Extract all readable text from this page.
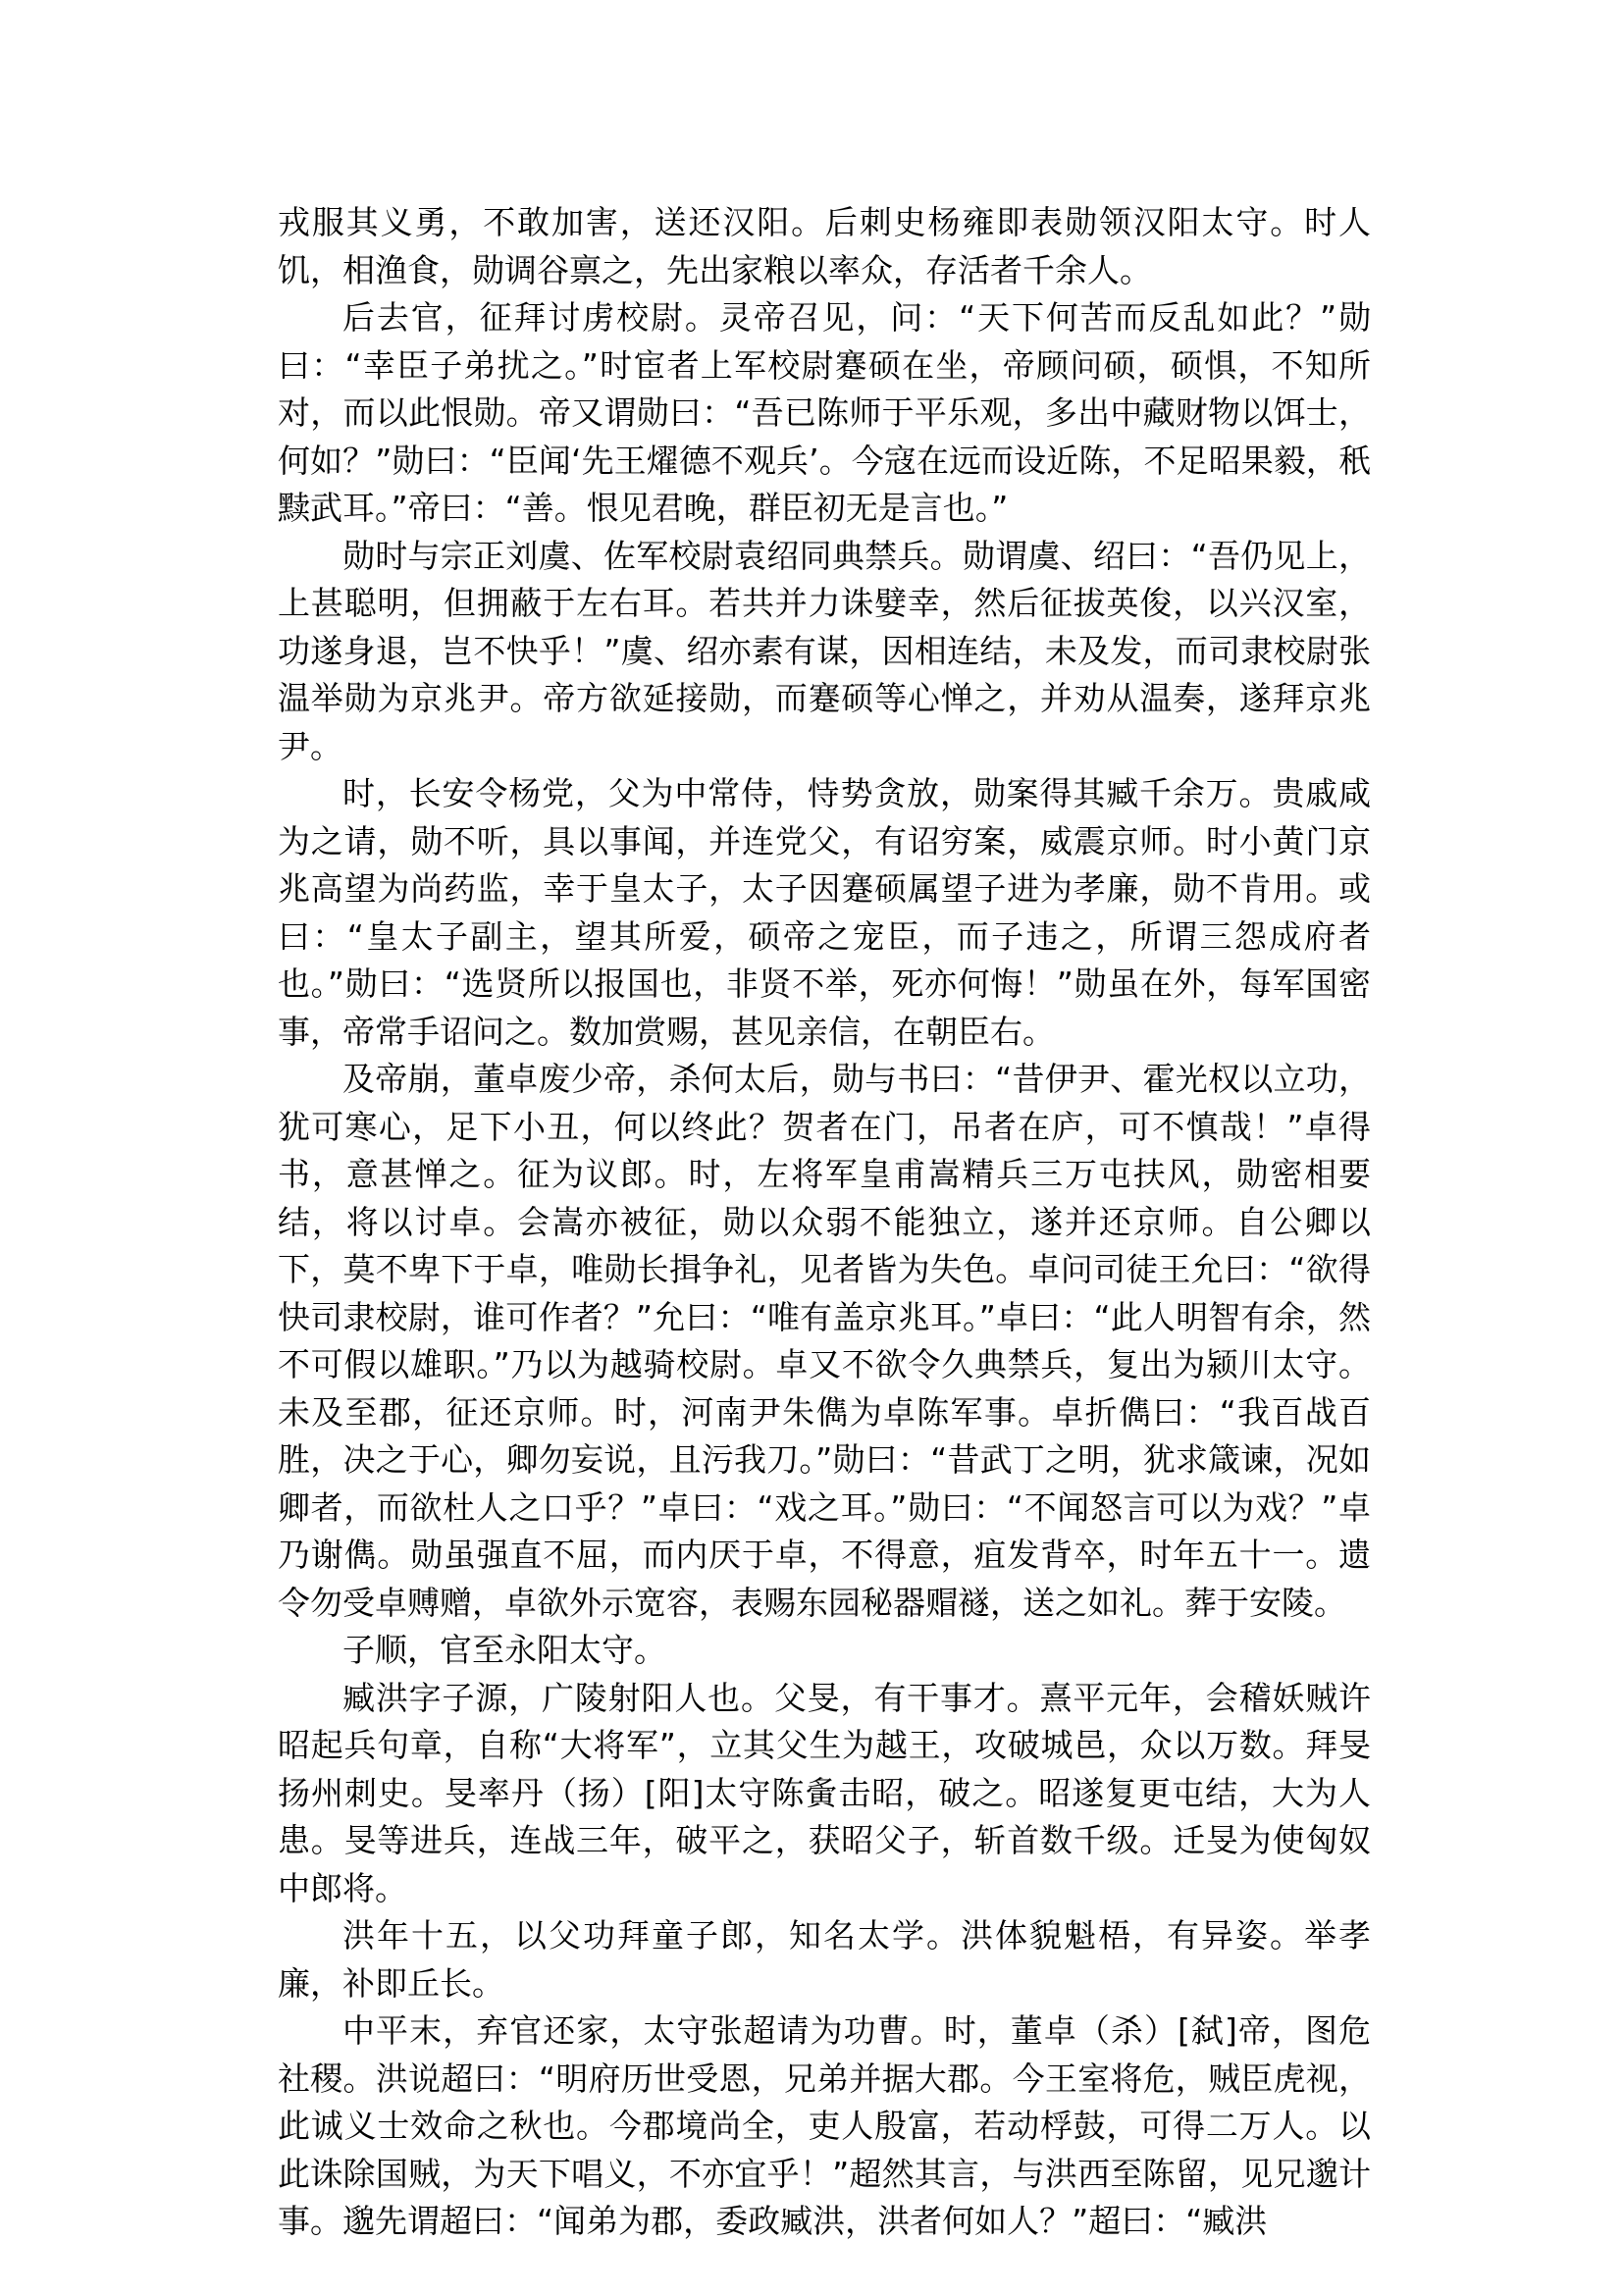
戎服其义勇，不敢加害，送还汉阳。后刺史杨雍即表勋领汉阳太守。时人饥，相渔食，勋调谷禀之，先出家粮以率众，存活者千余人。

后去官，征拜讨虏校尉。灵帝召见，问：“天下何苦而反乱如此？”勋曰：“幸臣子弟扰之。”时宦者上军校尉蹇硕在坐，帝顾问硕，硕惧，不知所对，而以此恨勋。帝又谓勋曰：“吾已陈师于平乐观，多出中藏财物以饵士，何如？”勋曰：“臣闻‘先王燿德不观兵’。今寇在远而设近陈，不足昭果毅，秖黩武耳。”帝曰：“善。恨见君晚，群臣初无是言也。”

勋时与宗正刘虞、佐军校尉袁绍同典禁兵。勋谓虞、绍曰：“吾仍见上，上甚聪明，但拥蔽于左右耳。若共并力诛嬖幸，然后征拔英俊，以兴汉室，功遂身退，岂不快乎！”虞、绍亦素有谋，因相连结，未及发，而司隶校尉张温举勋为京兆尹。帝方欲延接勋，而蹇硕等心惮之，并劝从温奏，遂拜京兆尹。

时，长安令杨党，父为中常侍，恃势贪放，勋案得其臧千余万。贵戚咸为之请，勋不听，具以事闻，并连党父，有诏穷案，威震京师。时小黄门京兆高望为尚药监，幸于皇太子，太子因蹇硕属望子进为孝廉，勋不肯用。或曰：“皇太子副主，望其所爱，硕帝之宠臣，而子违之，所谓三怨成府者也。”勋曰：“选贤所以报国也，非贤不举，死亦何悔！”勋虽在外，每军国密事，帝常手诏问之。数加赏赐，甚见亲信，在朝臣右。

及帝崩，董卓废少帝，杀何太后，勋与书曰：“昔伊尹、霍光权以立功，犹可寒心，足下小丑，何以终此？贺者在门，吊者在庐，可不慎哉！”卓得书，意甚惮之。征为议郎。时，左将军皇甫嵩精兵三万屯扶风，勋密相要结，将以讨卓。会嵩亦被征，勋以众弱不能独立，遂并还京师。自公卿以下，莫不卑下于卓，唯勋长揖争礼，见者皆为失色。卓问司徒王允曰：“欲得快司隶校尉，谁可作者？”允曰：“唯有盖京兆耳。”卓曰：“此人明智有余，然不可假以雄职。”乃以为越骑校尉。卓又不欲令久典禁兵，复出为颍川太守。未及至郡，征还京师。时，河南尹朱儁为卓陈军事。卓折儁曰：“我百战百胜，决之于心，卿勿妄说，且污我刀。”勋曰：“昔武丁之明，犹求箴谏，况如卿者，而欲杜人之口乎？”卓曰：“戏之耳。”勋曰：“不闻怒言可以为戏？”卓乃谢儁。勋虽强直不屈，而内厌于卓，不得意，疽发背卒，时年五十一。遗令勿受卓赙赠，卓欲外示宽容，表赐东园秘器赗襚，送之如礼。葬于安陵。

子顺，官至永阳太守。

臧洪字子源，广陵射阳人也。父旻，有干事才。熹平元年，会稽妖贼许昭起兵句章，自称“大将军”，立其父生为越王，攻破城邑，众以万数。拜旻扬州刺史。旻率丹（扬）[阳]太守陈夤击昭，破之。昭遂复更屯结，大为人患。旻等进兵，连战三年，破平之，获昭父子，斩首数千级。迁旻为使匈奴中郎将。

洪年十五，以父功拜童子郎，知名太学。洪体貌魁梧，有异姿。举孝廉，补即丘长。

中平末，弃官还家，太守张超请为功曹。时，董卓（杀）[弑]帝，图危社稷。洪说超曰：“明府历世受恩，兄弟并据大郡。今王室将危，贼臣虎视，此诚义士效命之秋也。今郡境尚全，吏人殷富，若动桴鼓，可得二万人。以此诛除国贼，为天下唱义，不亦宜乎！”超然其言，与洪西至陈留，见兄邈计事。邈先谓超曰：“闻弟为郡，委政臧洪，洪者何如人？”超曰：“臧洪
